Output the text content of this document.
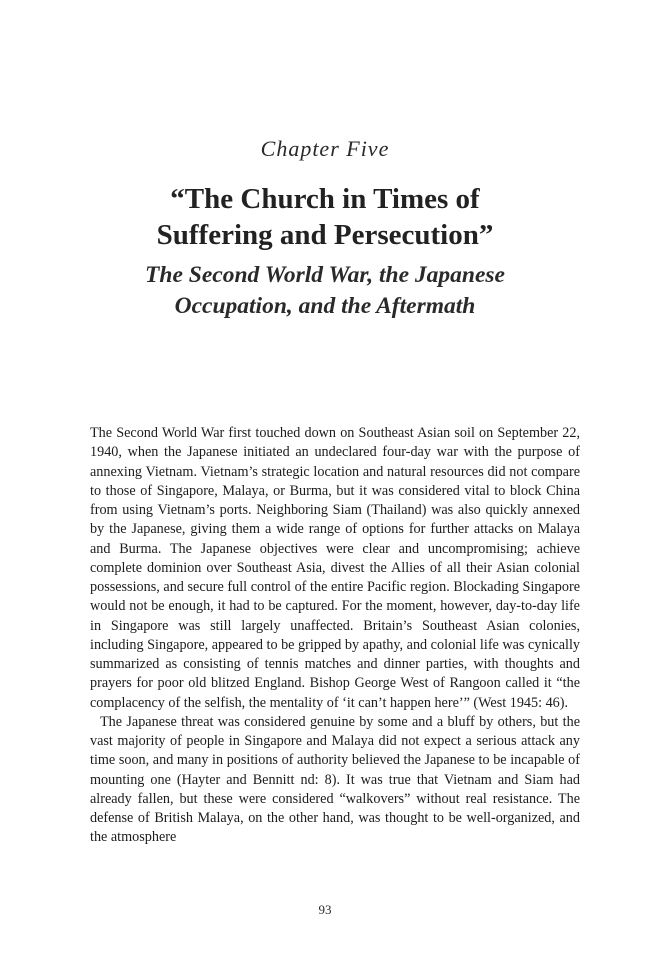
Chapter Five
“The Church in Times of
Suffering and Persecution”
The Second World War, the Japanese
Occupation, and the Aftermath

The Second World War first touched down on Southeast Asian soil on September 22, 1940, when the Japanese initiated an undeclared four-day war with the purpose of annexing Vietnam. Vietnam’s strategic location and natural resources did not compare to those of Singapore, Malaya, or Burma, but it was considered vital to block China from using Vietnam’s ports. Neighboring Siam (Thailand) was also quickly annexed by the Japanese, giving them a wide range of options for further attacks on Malaya and Burma. The Japanese objectives were clear and uncompromising; achieve complete dominion over Southeast Asia, divest the Allies of all their Asian colonial possessions, and secure full control of the entire Pacific region. Blockading Singapore would not be enough, it had to be captured. For the moment, however, day-to-day life in Singapore was still largely unaffected. Britain’s Southeast Asian colonies, including Singapore, appeared to be gripped by apathy, and colonial life was cynically summarized as consisting of tennis matches and dinner parties, with thoughts and prayers for poor old blitzed England. Bishop George West of Rangoon called it “the complacency of the selfish, the mentality of ‘it can’t happen here’” (West 1945: 46).

The Japanese threat was considered genuine by some and a bluff by others, but the vast majority of people in Singapore and Malaya did not expect a serious attack any time soon, and many in positions of authority believed the Japanese to be incapable of mounting one (Hayter and Bennitt nd: 8). It was true that Vietnam and Siam had already fallen, but these were considered “walkovers” without real resistance. The defense of British Malaya, on the other hand, was thought to be well-organized, and the atmosphere

93
